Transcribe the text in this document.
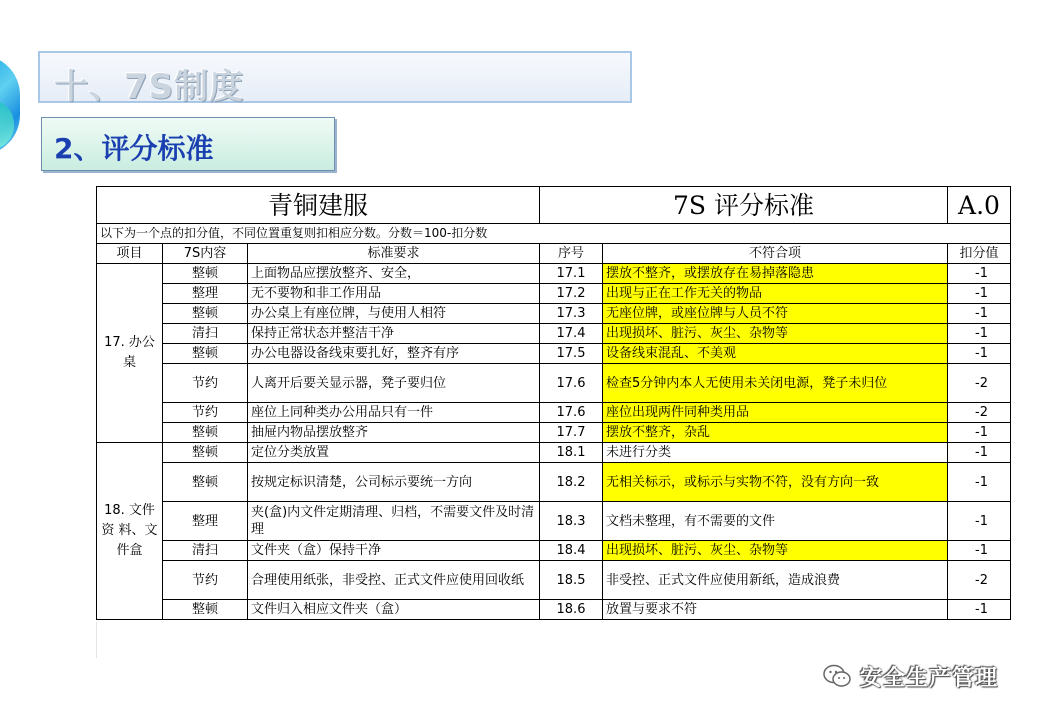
十、7S制度
2、评分标准
青铜建服			7S 评分标准		A.0
以下为一个点的扣分值，不同位置重复则扣相应分数。分数＝100-扣分数					
项目	7S内容	标准要求	序号	不符合项	扣分值
17. 办公桌	整顿	上面物品应摆放整齐、安全，	17.1	摆放不整齐，或摆放存在易掉落隐患	-1
	整理	无不要物和非工作用品	17.2	出现与正在工作无关的物品	-1
	整顿	办公桌上有座位牌，与使用人相符	17.3	无座位牌，或座位牌与人员不符	-1
	清扫	保持正常状态并整洁干净	17.4	出现损坏、脏污、灰尘、杂物等	-1
	整顿	办公电器设备线束要扎好，整齐有序	17.5	设备线束混乱、不美观	-1
	节约	人离开后要关显示器，凳子要归位	17.6	检查5分钟内本人无使用未关闭电源，凳子未归位	-2
	节约	座位上同种类办公用品只有一件	17.6	座位出现两件同种类用品	-2
	整顿	抽屉内物品摆放整齐	17.7	摆放不整齐，杂乱	-1
18. 文件资 料、文 件盒	整顿	定位分类放置	18.1	未进行分类	-1
	整顿	按规定标识清楚，公司标示要统一方向	18.2	无相关标示，或标示与实物不符，没有方向一致	-1
	整理	夹(盒)内文件定期清理、归档，不需要文件及时清理	18.3	文档未整理，有不需要的文件	-1
	清扫	文件夹（盒）保持干净	18.4	出现损坏、脏污、灰尘、杂物等	-1
	节约	合理使用纸张，非受控、正式文件应使用回收纸	18.5	非受控、正式文件应使用新纸，造成浪费	-2
	整顿	文件归入相应文件夹（盒）	18.6	放置与要求不符	-1
安全生产管理
